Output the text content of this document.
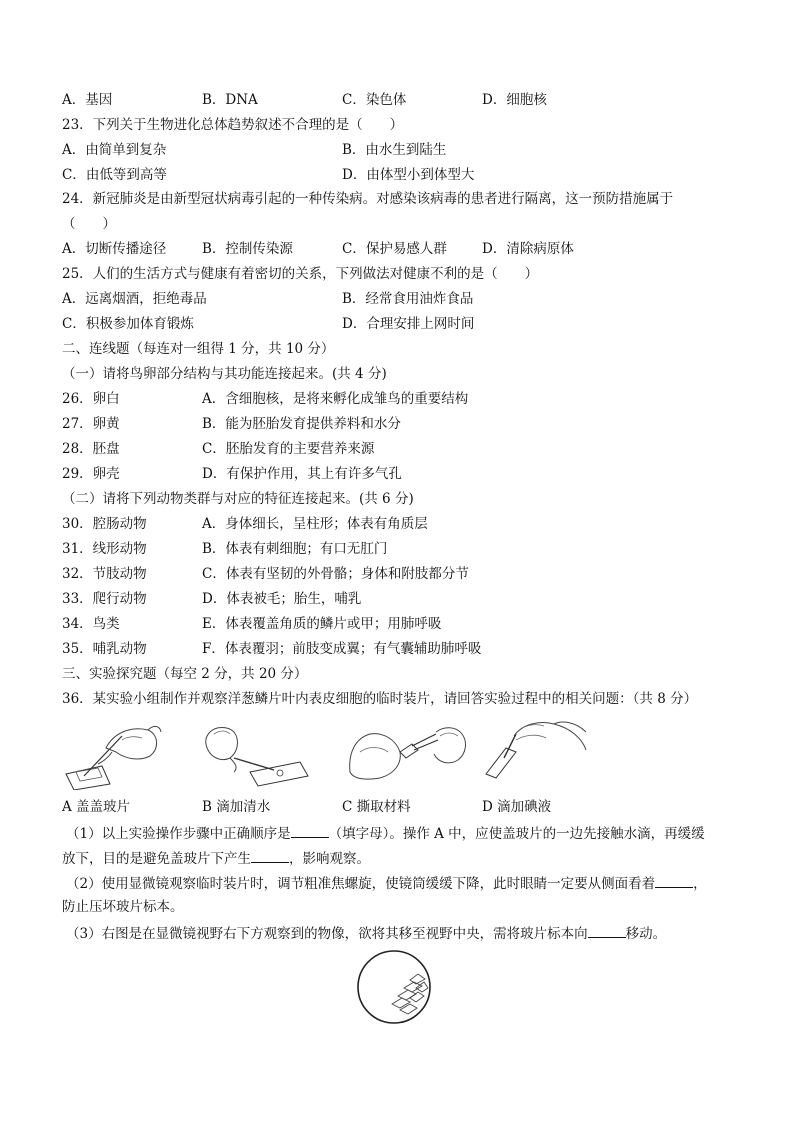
A．基因	B．DNA	C．染色体	D．细胞核
23．下列关于生物进化总体趋势叙述不合理的是（　　）
A．由简单到复杂	B．由水生到陆生
C．由低等到高等	D．由体型小到体型大
24．新冠肺炎是由新型冠状病毒引起的一种传染病。对感染该病毒的患者进行隔离，这一预防措施属于
（　　）
A．切断传播途径	B．控制传染源	C．保护易感人群	D．清除病原体
25．人们的生活方式与健康有着密切的关系，下列做法对健康不利的是（　　）
A．远离烟酒，拒绝毒品	B．经常食用油炸食品
C．积极参加体育锻炼	D．合理安排上网时间
二、连线题（每连对一组得 1 分，共 10 分）
（一）请将鸟卵部分结构与其功能连接起来。(共 4 分)
26．卵白	A．含细胞核，是将来孵化成雏鸟的重要结构
27．卵黄	B．能为胚胎发育提供养料和水分
28．胚盘	C．胚胎发育的主要营养来源
29．卵壳	D．有保护作用，其上有许多气孔
（二）请将下列动物类群与对应的特征连接起来。(共 6 分)
30．腔肠动物	A．身体细长，呈柱形；体表有角质层
31．线形动物	B．体表有刺细胞；有口无肛门
32．节肢动物	C．体表有坚韧的外骨骼；身体和附肢都分节
33．爬行动物	D．体表被毛；胎生，哺乳
34．鸟类	E．体表覆盖角质的鳞片或甲；用肺呼吸
35．哺乳动物	F．体表覆羽；前肢变成翼；有气囊辅助肺呼吸
三、实验探究题（每空 2 分，共 20 分）
36．某实验小组制作并观察洋葱鳞片叶内表皮细胞的临时装片，请回答实验过程中的相关问题：（共 8 分）
A 盖盖玻片	B 滴加清水	C 撕取材料	D 滴加碘液
（1）以上实验操作步骤中正确顺序是	（填字母）。操作 A 中，应使盖玻片的一边先接触水滴，再缓缓
放下，目的是避免盖玻片下产生	，影响观察。
（2）使用显微镜观察临时装片时，调节粗准焦螺旋，使镜筒缓缓下降，此时眼睛一定要从侧面看着	，
防止压坏玻片标本。
（3）右图是在显微镜视野右下方观察到的物像，欲将其移至视野中央，需将玻片标本向	移动。
